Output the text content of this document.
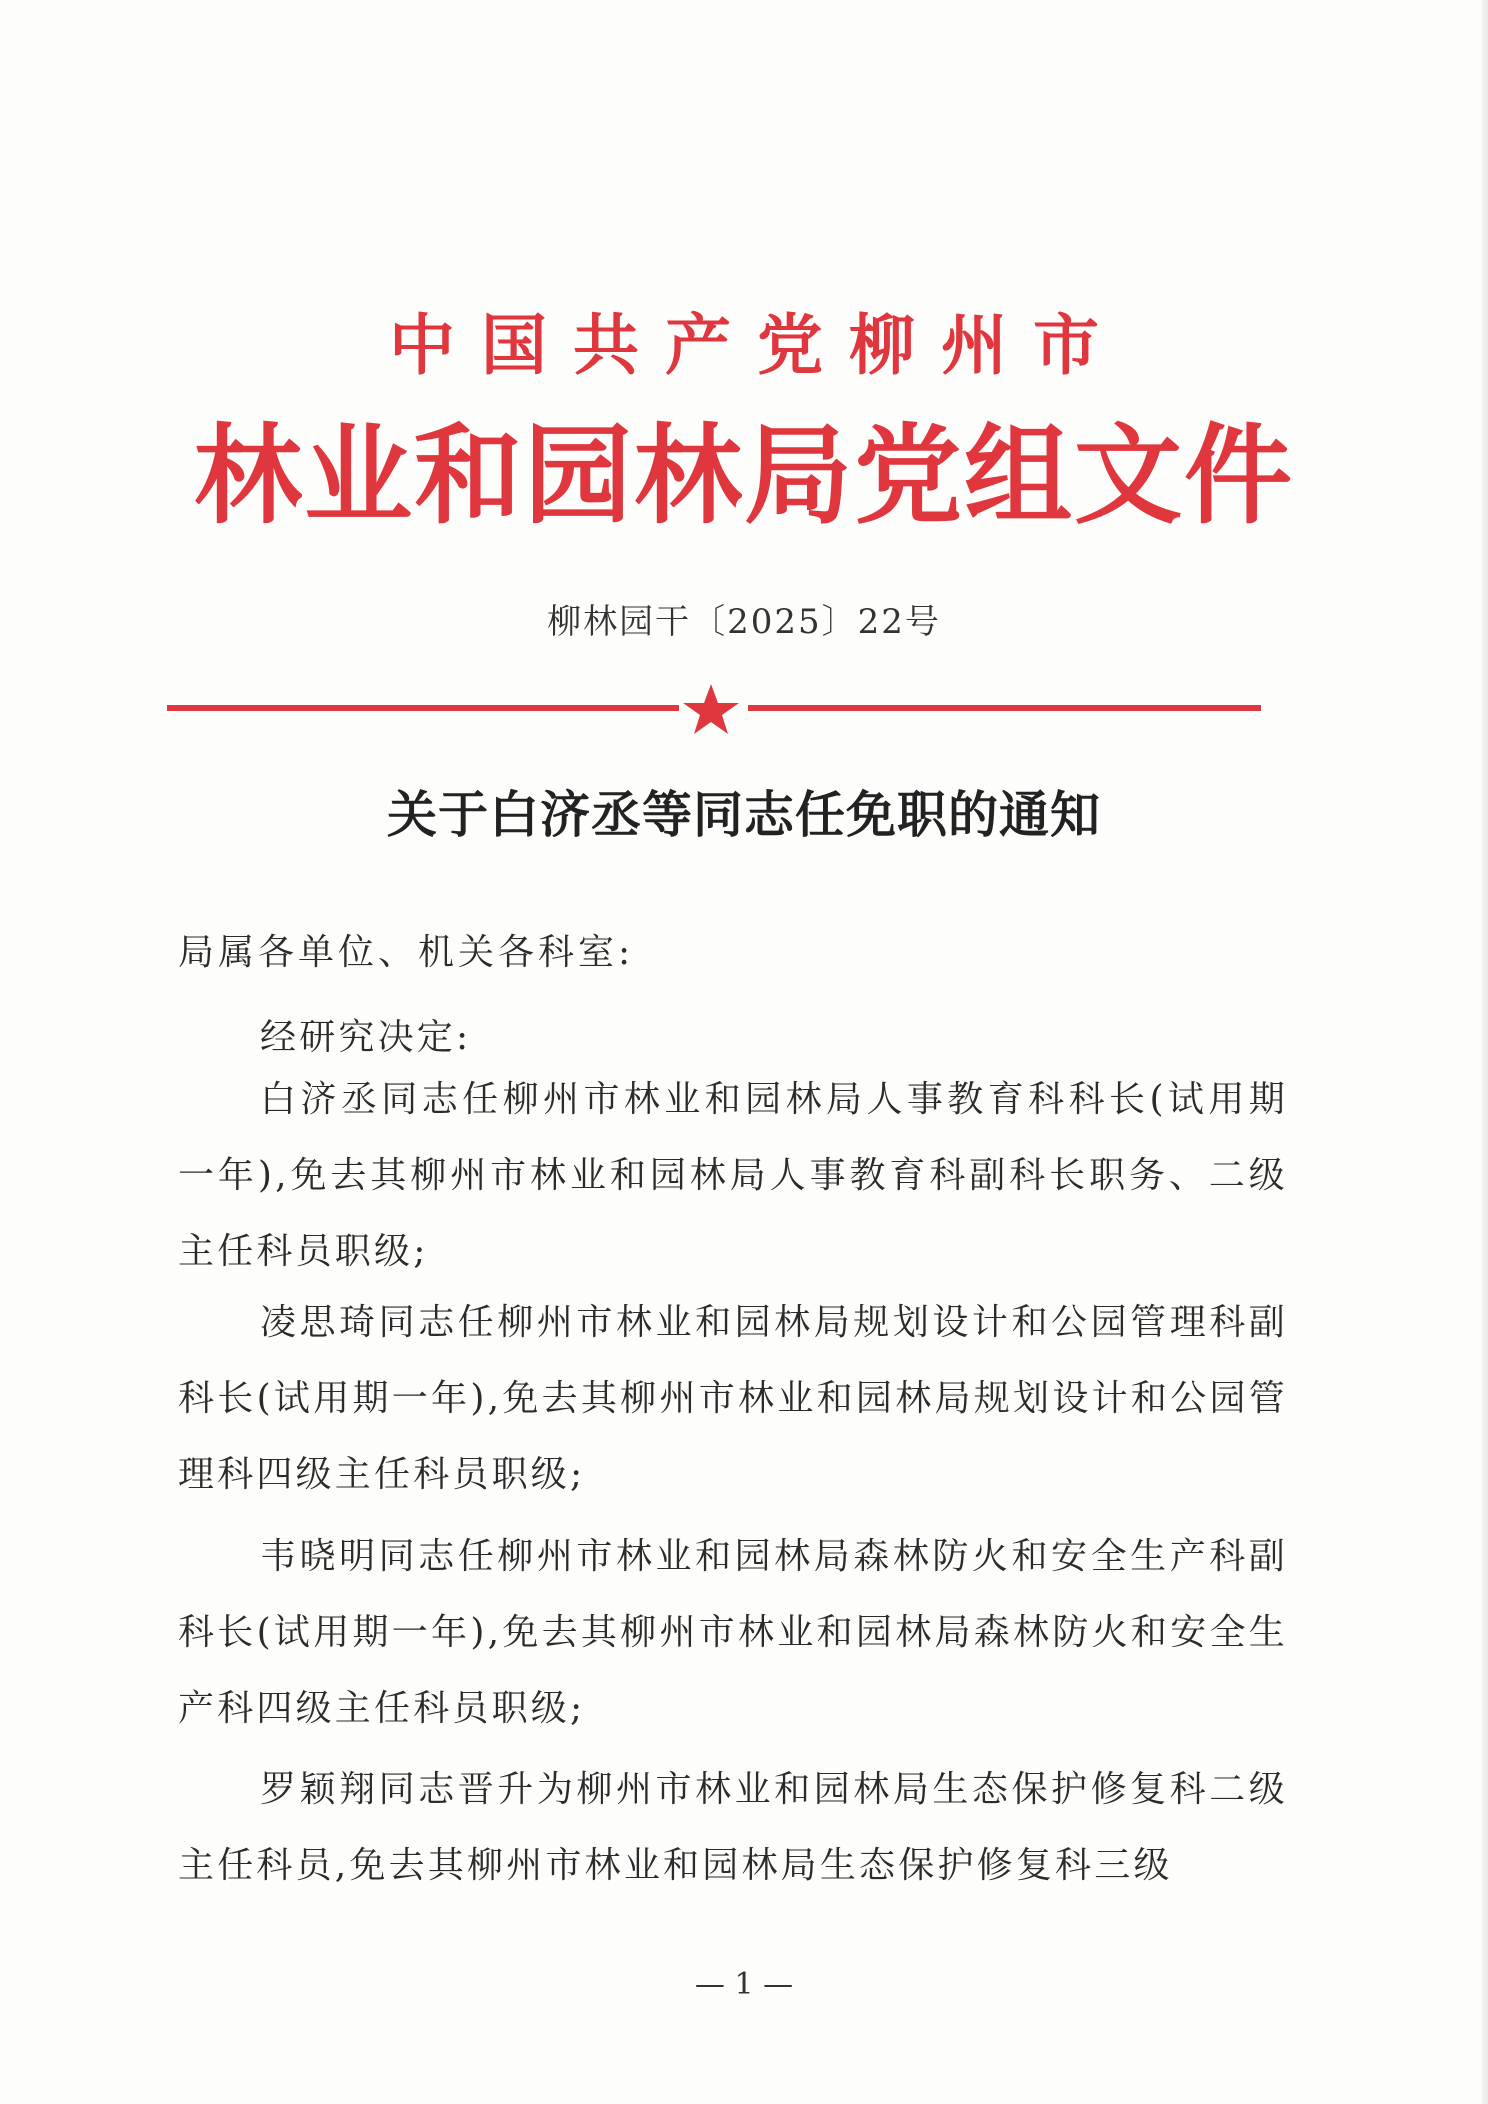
中国共产党柳州市
林业和园林局党组文件
柳林园干〔2025〕22号
关于白济丞等同志任免职的通知
局属各单位、机关各科室:
经研究决定:
白济丞同志任柳州市林业和园林局人事教育科科长(试用期一年),免去其柳州市林业和园林局人事教育科副科长职务、二级主任科员职级;
凌思琦同志任柳州市林业和园林局规划设计和公园管理科副科长(试用期一年),免去其柳州市林业和园林局规划设计和公园管理科四级主任科员职级;
韦晓明同志任柳州市林业和园林局森林防火和安全生产科副科长(试用期一年),免去其柳州市林业和园林局森林防火和安全生产科四级主任科员职级;
罗颖翔同志晋升为柳州市林业和园林局生态保护修复科二级主任科员,免去其柳州市林业和园林局生态保护修复科三级
— 1 —
